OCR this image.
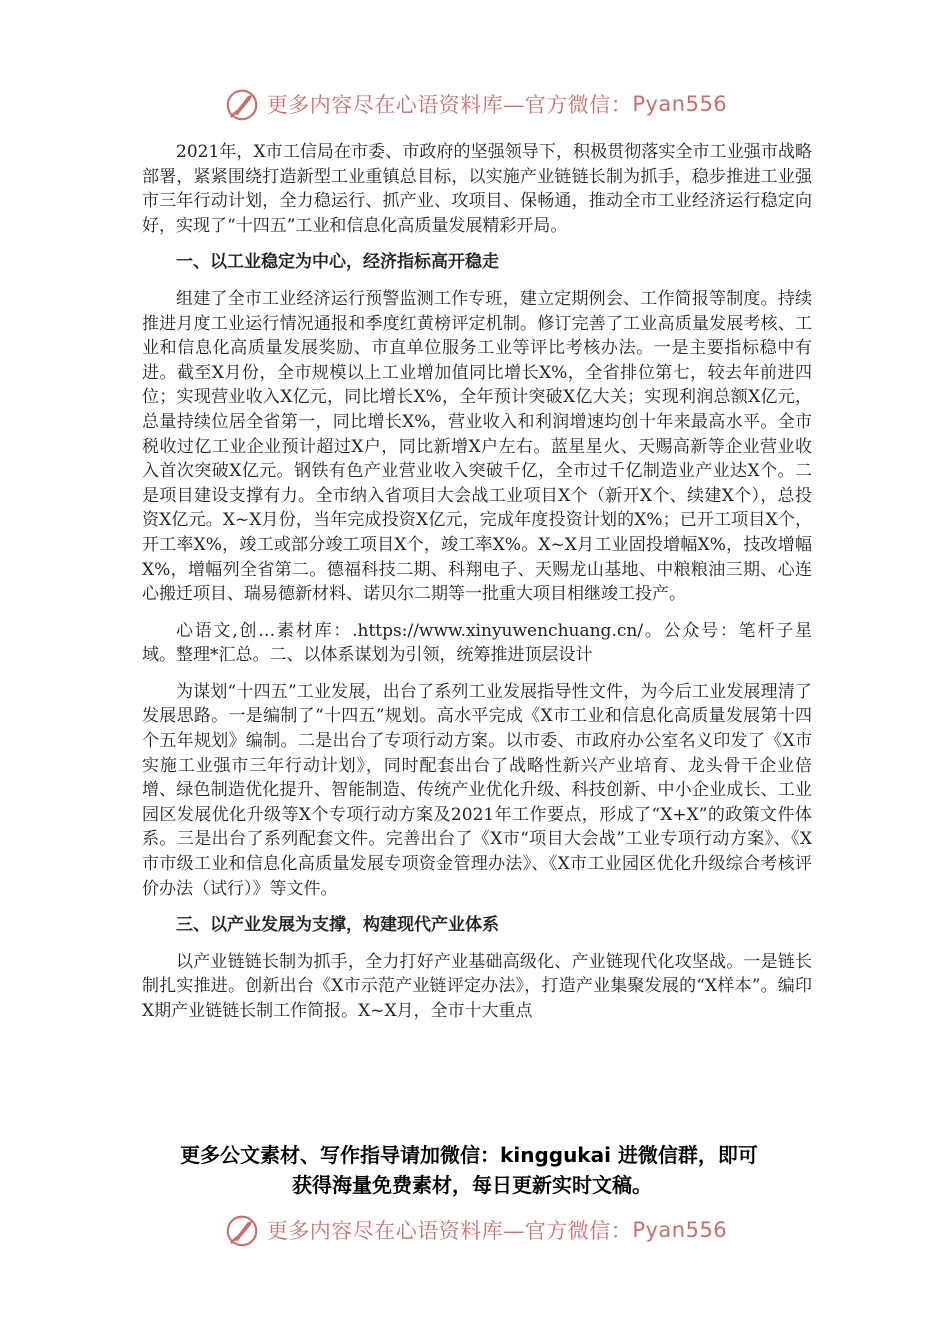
更多内容尽在心语资料库—官方微信： Pyan556

2021年，X市工信局在市委、市政府的坚强领导下，积极贯彻落实全市工业强市战略部署，紧紧围绕打造新型工业重镇总目标，以实施产业链链长制为抓手，稳步推进工业强市三年行动计划，全力稳运行、抓产业、攻项目、保畅通，推动全市工业经济运行稳定向好，实现了“十四五”工业和信息化高质量发展精彩开局。

一、以工业稳定为中心，经济指标高开稳走

组建了全市工业经济运行预警监测工作专班，建立定期例会、工作简报等制度。持续推进月度工业运行情况通报和季度红黄榜评定机制。修订完善了工业高质量发展考核、工业和信息化高质量发展奖励、市直单位服务工业等评比考核办法。一是主要指标稳中有进。截至X月份，全市规模以上工业增加值同比增长X%，全省排位第七，较去年前进四位；实现营业收入X亿元，同比增长X%，全年预计突破X亿大关；实现利润总额X亿元，总量持续位居全省第一，同比增长X%，营业收入和利润增速均创十年来最高水平。全市税收过亿工业企业预计超过X户，同比新增X户左右。蓝星星火、天赐高新等企业营业收入首次突破X亿元。钢铁有色产业营业收入突破千亿，全市过千亿制造业产业达X个。二是项目建设支撑有力。全市纳入省项目大会战工业项目X个（新开X个、续建X个），总投资X亿元。X~X月份，当年完成投资X亿元，完成年度投资计划的X%；已开工项目X个，开工率X%，竣工或部分竣工项目X个，竣工率X%。X~X月工业固投增幅X%，技改增幅X%，增幅列全省第二。德福科技二期、科翔电子、天赐龙山基地、中粮粮油三期、心连心搬迁项目、瑞易德新材料、诺贝尔二期等一批重大项目相继竣工投产。

心语文,创…素材库：.https://www.xinyuwenchuang.cn/。公众号：笔杆子星域。整理*汇总。二、以体系谋划为引领，统筹推进顶层设计

为谋划“十四五”工业发展，出台了系列工业发展指导性文件，为今后工业发展理清了发展思路。一是编制了“十四五”规划。高水平完成《X市工业和信息化高质量发展第十四个五年规划》编制。二是出台了专项行动方案。以市委、市政府办公室名义印发了《X市实施工业强市三年行动计划》，同时配套出台了战略性新兴产业培育、龙头骨干企业倍增、绿色制造优化提升、智能制造、传统产业优化升级、科技创新、中小企业成长、工业园区发展优化升级等X个专项行动方案及2021年工作要点，形成了“X+X”的政策文件体系。三是出台了系列配套文件。完善出台了《X市“项目大会战”工业专项行动方案》、《X市市级工业和信息化高质量发展专项资金管理办法》、《X市工业园区优化升级综合考核评价办法（试行）》等文件。

三、以产业发展为支撑，构建现代产业体系

以产业链链长制为抓手，全力打好产业基础高级化、产业链现代化攻坚战。一是链长制扎实推进。创新出台《X市示范产业链评定办法》，打造产业集聚发展的“X样本”。编印X期产业链链长制工作简报。X~X月，全市十大重点

更多公文素材、写作指导请加微信：kinggukai 进微信群，即可
获得海量免费素材，每日更新实时文稿。
更多内容尽在心语资料库—官方微信： Pyan556
